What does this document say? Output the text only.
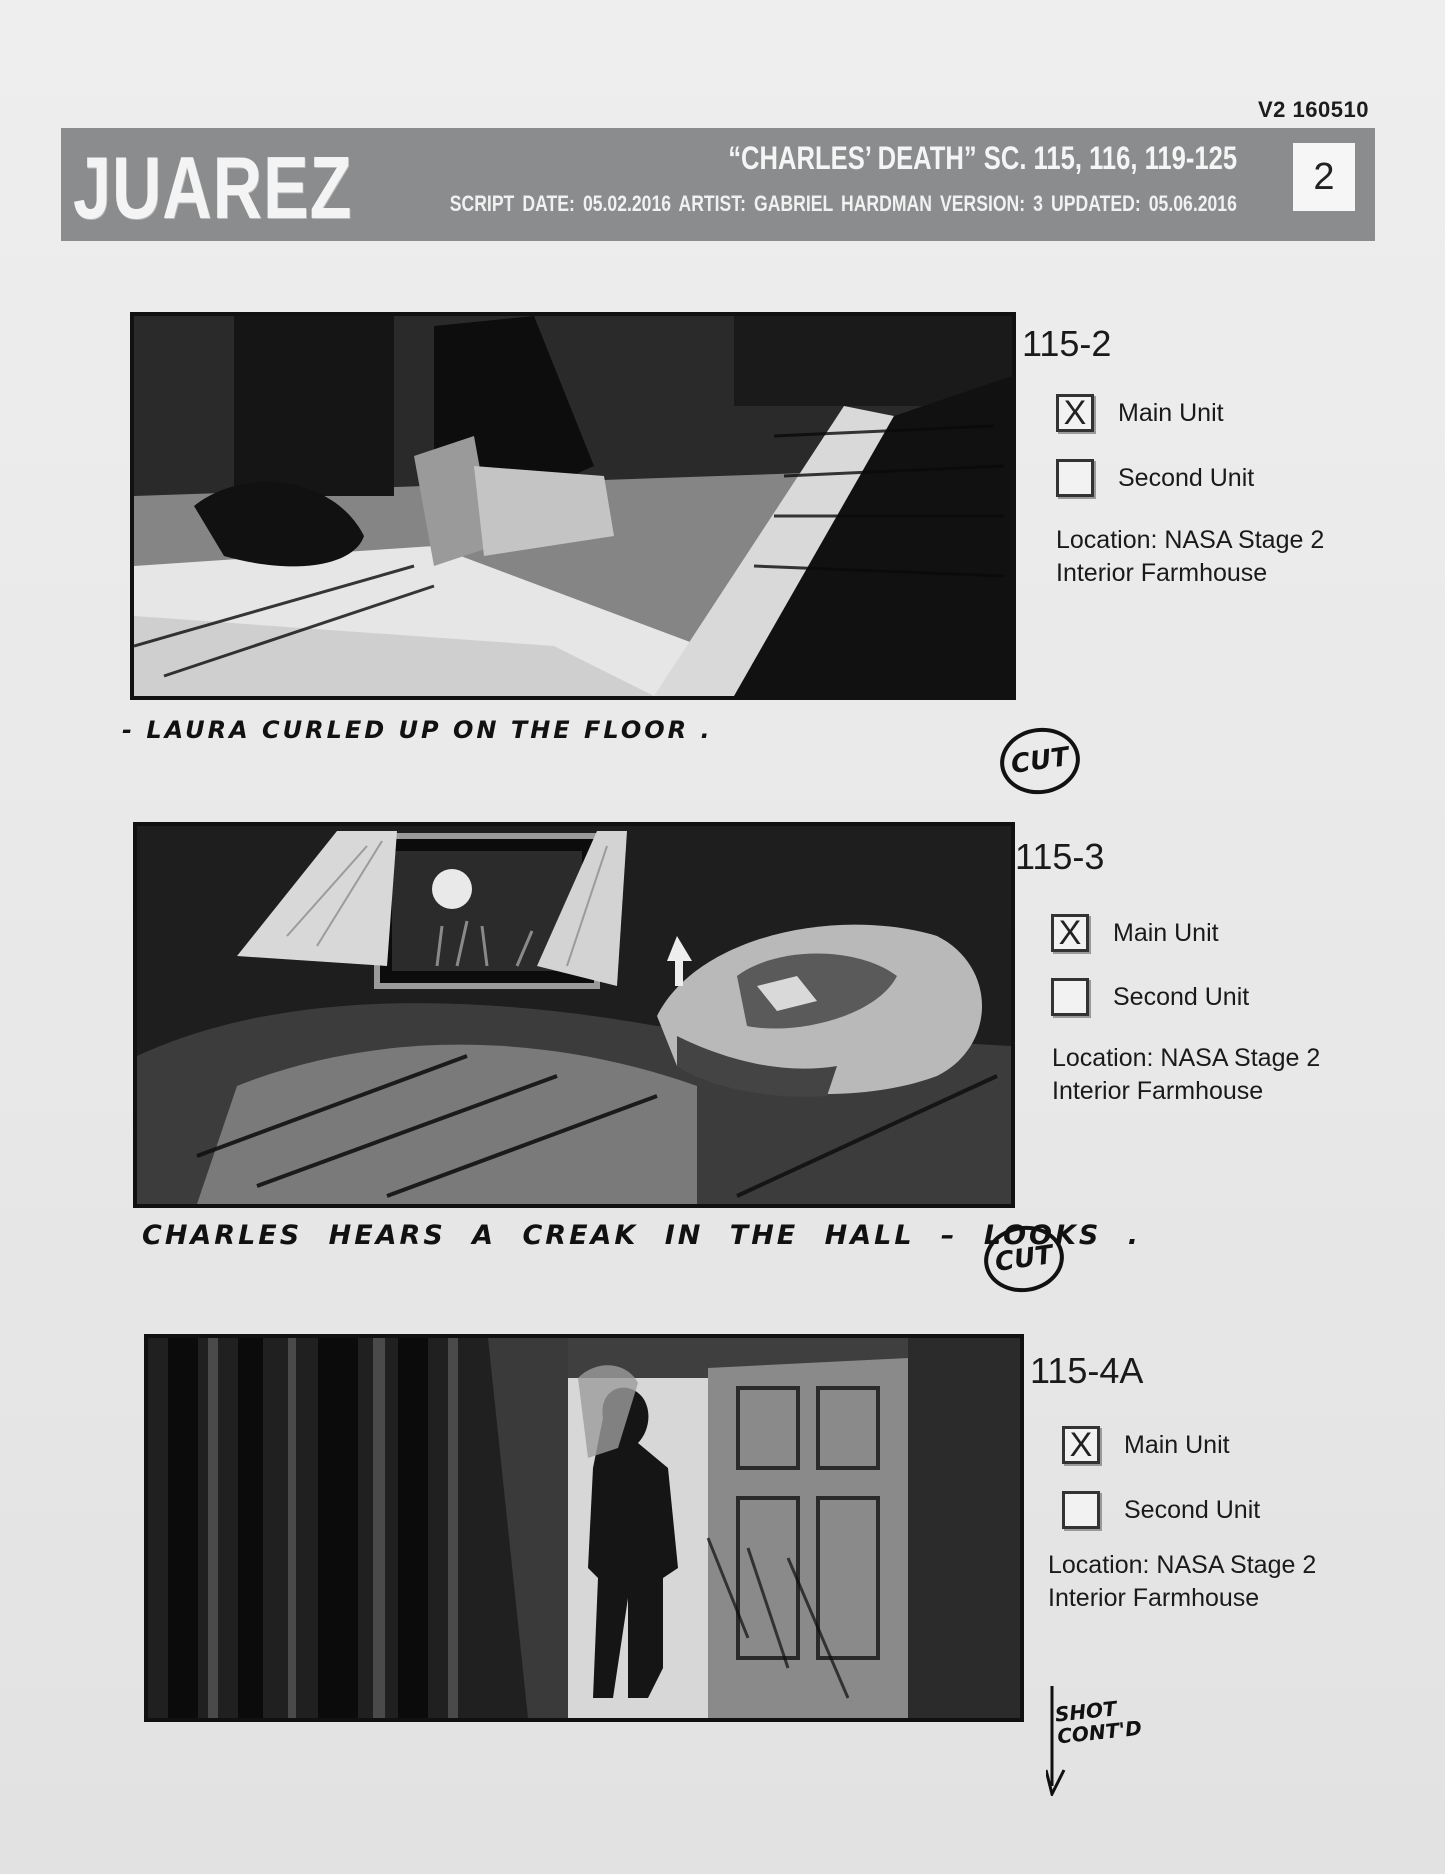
V2 160510
JUAREZ	“CHARLES’ DEATH” SC. 115, 116, 119-125
SCRIPT DATE: 05.02.2016 ARTIST: GABRIEL HARDMAN VERSION: 3 UPDATED: 05.06.2016
2
115-2
X	Main Unit
Second Unit
Location: NASA Stage 2
Interior Farmhouse
- LAURA CURLED UP ON THE FLOOR .
CUT
115-3
X	Main Unit
Second Unit
Location: NASA Stage 2
Interior Farmhouse
CHARLES HEARS A CREAK IN THE HALL – LOOKS .
CUT
115-4A
X	Main Unit
Second Unit
Location: NASA Stage 2
Interior Farmhouse
SHOT CONT'D
